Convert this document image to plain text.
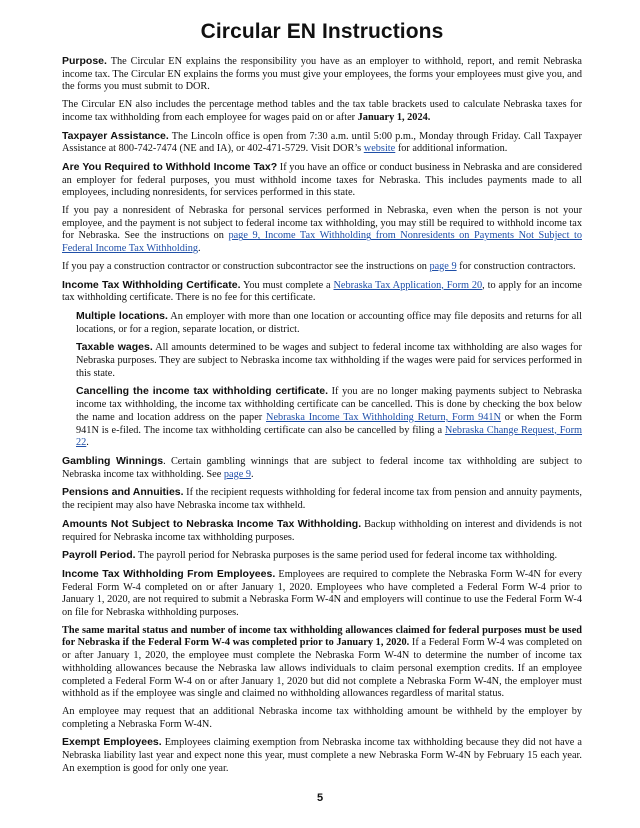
Circular EN Instructions

Purpose. The Circular EN explains the responsibility you have as an employer to withhold, report, and remit Nebraska income tax. The Circular EN explains the forms you must give your employees, the forms your employees must give you, and the forms you must submit to DOR.

The Circular EN also includes the percentage method tables and the tax table brackets used to calculate Nebraska taxes for income tax withholding from each employee for wages paid on or after January 1, 2024.

Taxpayer Assistance. The Lincoln office is open from 7:30 a.m. until 5:00 p.m., Monday through Friday. Call Taxpayer Assistance at 800-742-7474 (NE and IA), or 402-471-5729. Visit DOR’s website for additional information.

Are You Required to Withhold Income Tax? If you have an office or conduct business in Nebraska and are considered an employer for federal purposes, you must withhold income taxes for Nebraska. This includes payments made to all employees, including nonresidents, for services performed in this state.

If you pay a nonresident of Nebraska for personal services performed in Nebraska, even when the person is not your employee, and the payment is not subject to federal income tax withholding, you may still be required to withhold income tax for Nebraska. See the instructions on page 9, Income Tax Withholding from Nonresidents on Payments Not Subject to Federal Income Tax Withholding.

If you pay a construction contractor or construction subcontractor see the instructions on page 9 for construction contractors.

Income Tax Withholding Certificate. You must complete a Nebraska Tax Application, Form 20, to apply for an income tax withholding certificate. There is no fee for this certificate.

Multiple locations. An employer with more than one location or accounting office may file deposits and returns for all locations, or for a region, separate location, or district.

Taxable wages. All amounts determined to be wages and subject to federal income tax withholding are also wages for Nebraska purposes. They are subject to Nebraska income tax withholding if the wages were paid for services performed in this state.

Cancelling the income tax withholding certificate. If you are no longer making payments subject to Nebraska income tax withholding, the income tax withholding certificate can be cancelled. This is done by checking the box below the name and location address on the paper Nebraska Income Tax Withholding Return, Form 941N or when the Form 941N is e-filed. The income tax withholding certificate can also be cancelled by filing a Nebraska Change Request, Form 22.

Gambling Winnings. Certain gambling winnings that are subject to federal income tax withholding are subject to Nebraska income tax withholding. See page 9.

Pensions and Annuities. If the recipient requests withholding for federal income tax from pension and annuity payments, the recipient may also have Nebraska income tax withheld.

Amounts Not Subject to Nebraska Income Tax Withholding. Backup withholding on interest and dividends is not required for Nebraska income tax withholding purposes.

Payroll Period. The payroll period for Nebraska purposes is the same period used for federal income tax withholding.

Income Tax Withholding From Employees. Employees are required to complete the Nebraska Form W-4N for every Federal Form W-4 completed on or after January 1, 2020. Employees who have completed a Federal Form W-4 prior to January 1, 2020, are not required to submit a Nebraska Form W-4N and employers will continue to use the Federal Form W-4 on file for Nebraska withholding purposes.

The same marital status and number of income tax withholding allowances claimed for federal purposes must be used for Nebraska if the Federal Form W-4 was completed prior to January 1, 2020. If a Federal Form W-4 was completed on or after January 1, 2020, the employee must complete the Nebraska Form W-4N to determine the number of income tax withholding allowances because the Nebraska law allows individuals to claim personal exemption credits. If an employee completed a Federal Form W-4 on or after January 1, 2020 but did not complete a Nebraska Form W-4N, the employer must withhold as if the employee was single and claimed no withholding allowances regardless of marital status.

An employee may request that an additional Nebraska income tax withholding amount be withheld by the employer by completing a Nebraska Form W-4N.

Exempt Employees. Employees claiming exemption from Nebraska income tax withholding because they did not have a Nebraska liability last year and expect none this year, must complete a new Nebraska Form W-4N by February 15 each year. An exemption is good for only one year.

5
